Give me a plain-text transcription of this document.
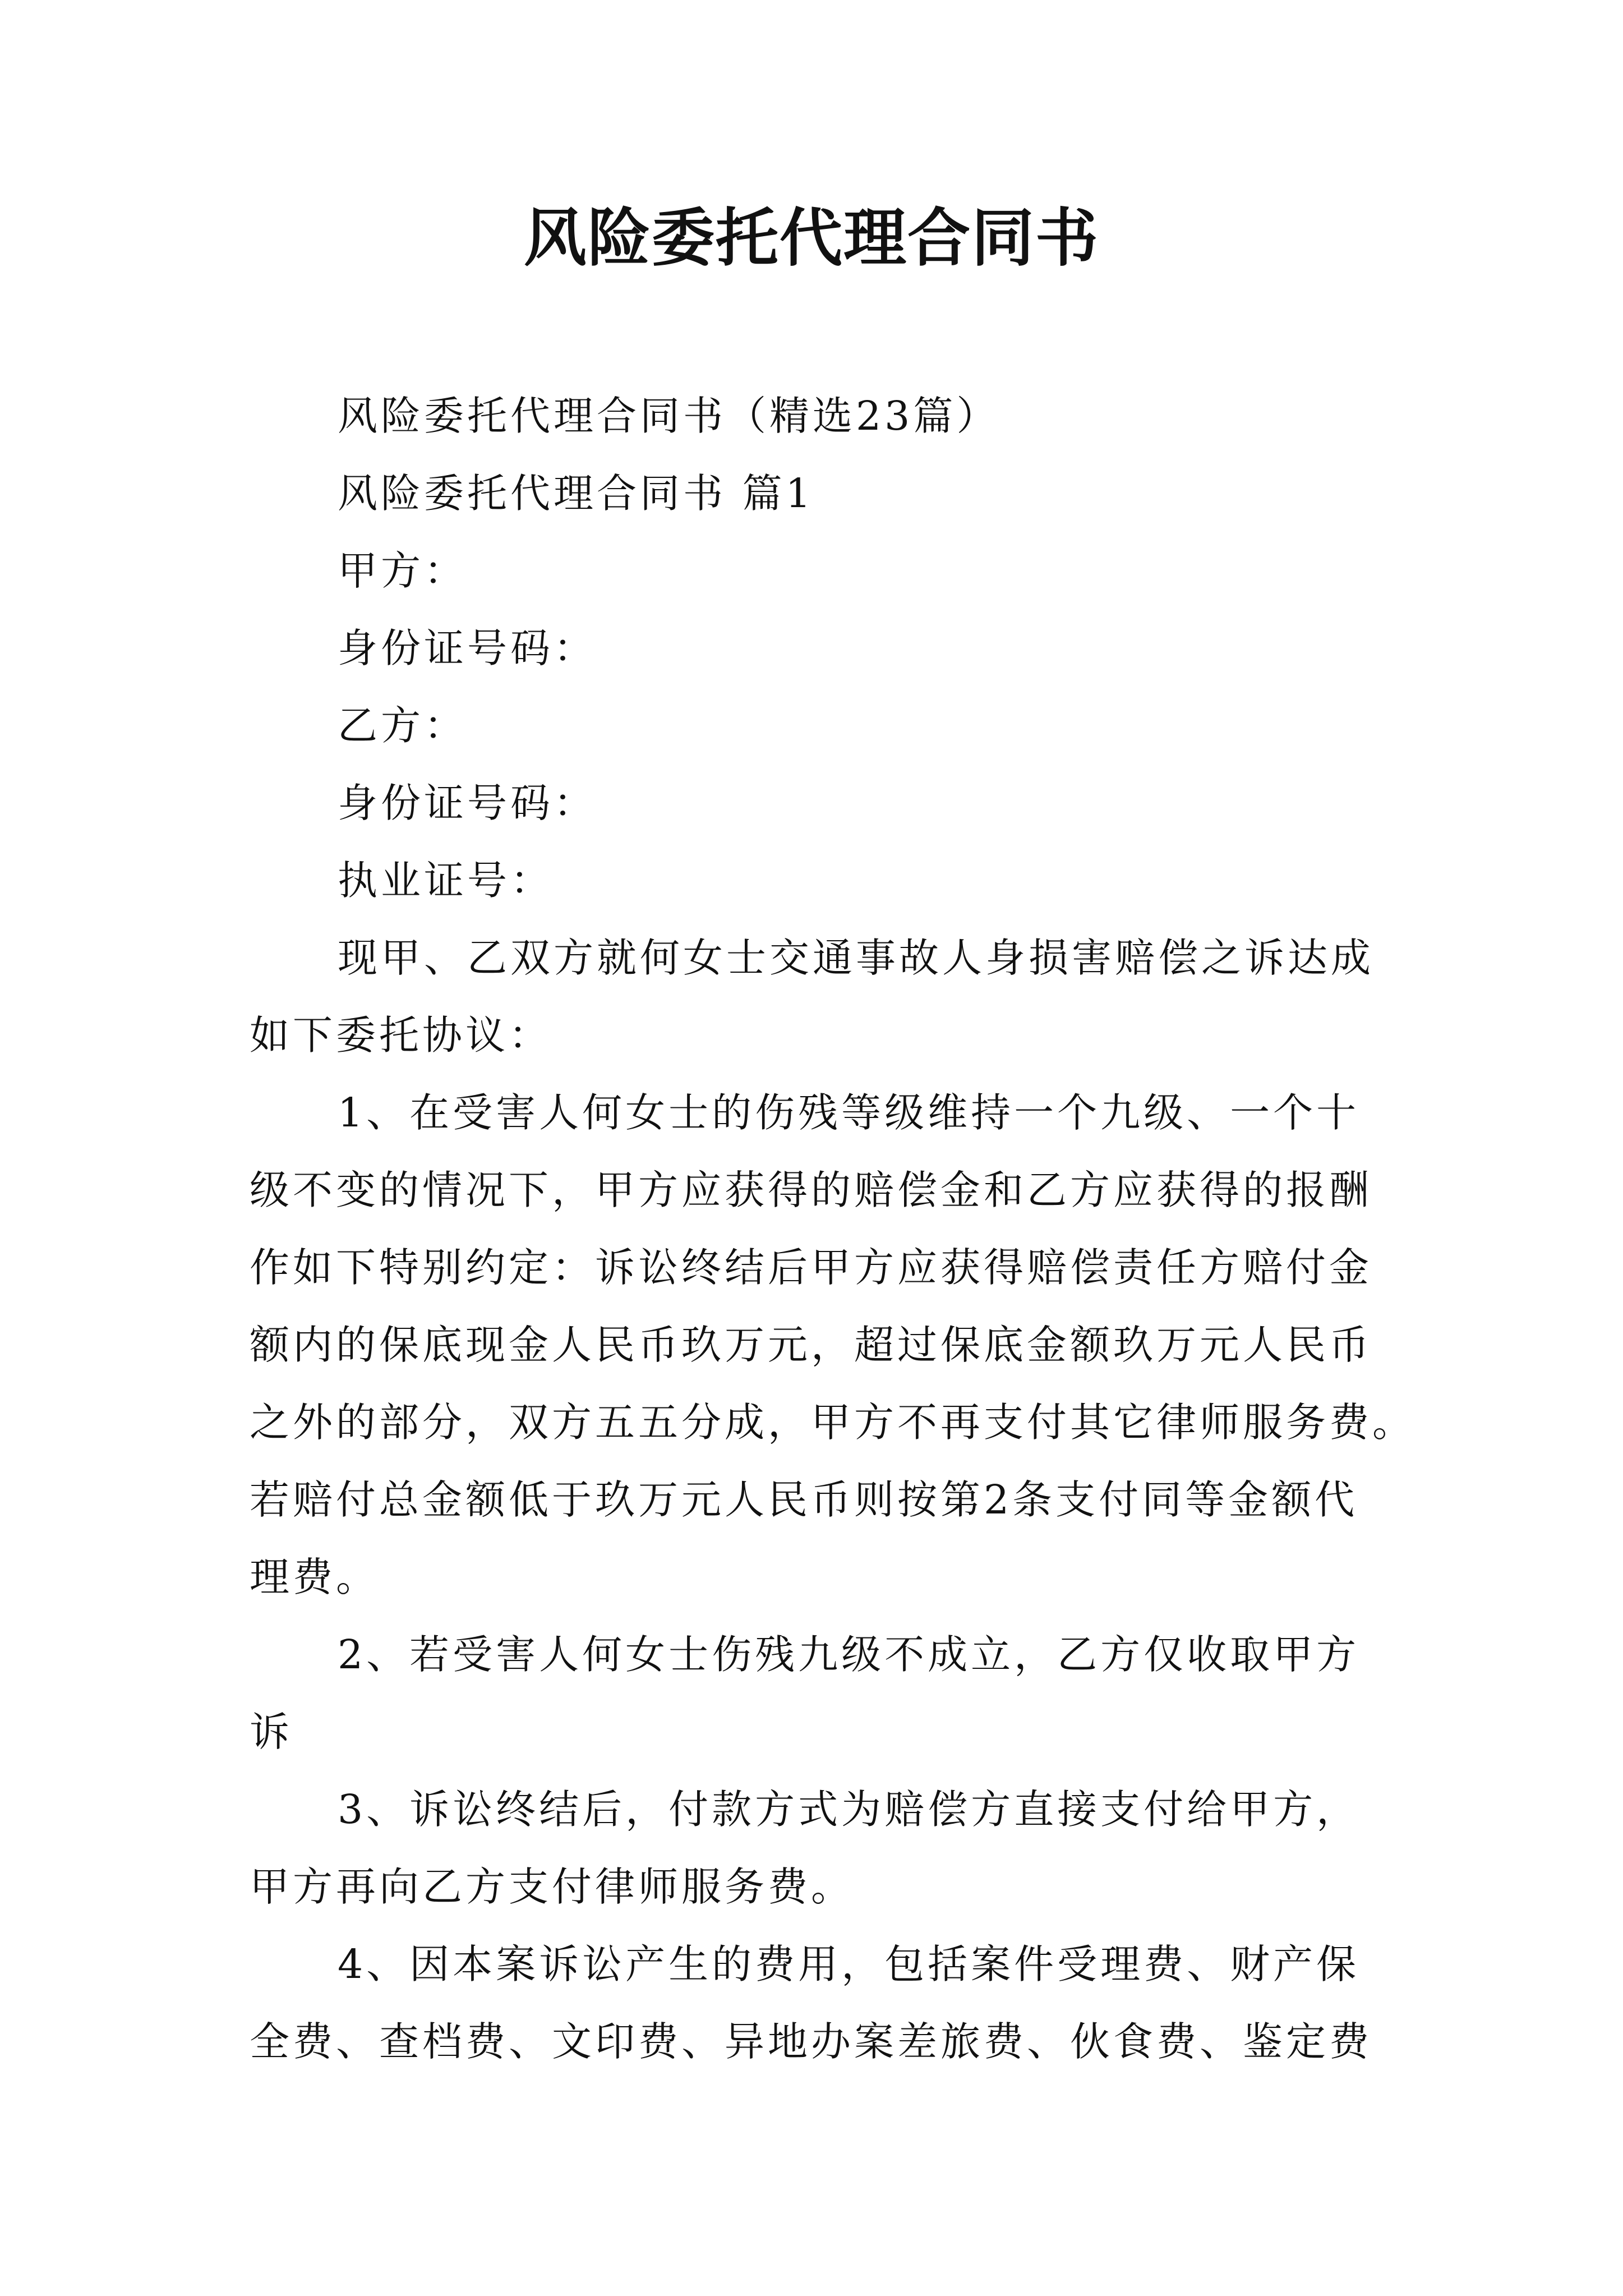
风险委托代理合同书
风险委托代理合同书（精选23篇）
风险委托代理合同书 篇1
甲方：
身份证号码：
乙方：
身份证号码：
执业证号：
现甲、乙双方就何女士交通事故人身损害赔偿之诉达成
如下委托协议：
1、在受害人何女士的伤残等级维持一个九级、一个十
级不变的情况下，甲方应获得的赔偿金和乙方应获得的报酬
作如下特别约定：诉讼终结后甲方应获得赔偿责任方赔付金
额内的保底现金人民币玖万元，超过保底金额玖万元人民币
之外的部分，双方五五分成，甲方不再支付其它律师服务费。
若赔付总金额低于玖万元人民币则按第2条支付同等金额代
理费。
2、若受害人何女士伤残九级不成立，乙方仅收取甲方
诉
3、诉讼终结后，付款方式为赔偿方直接支付给甲方，
甲方再向乙方支付律师服务费。
4、因本案诉讼产生的费用，包括案件受理费、财产保
全费、查档费、文印费、异地办案差旅费、伙食费、鉴定费
